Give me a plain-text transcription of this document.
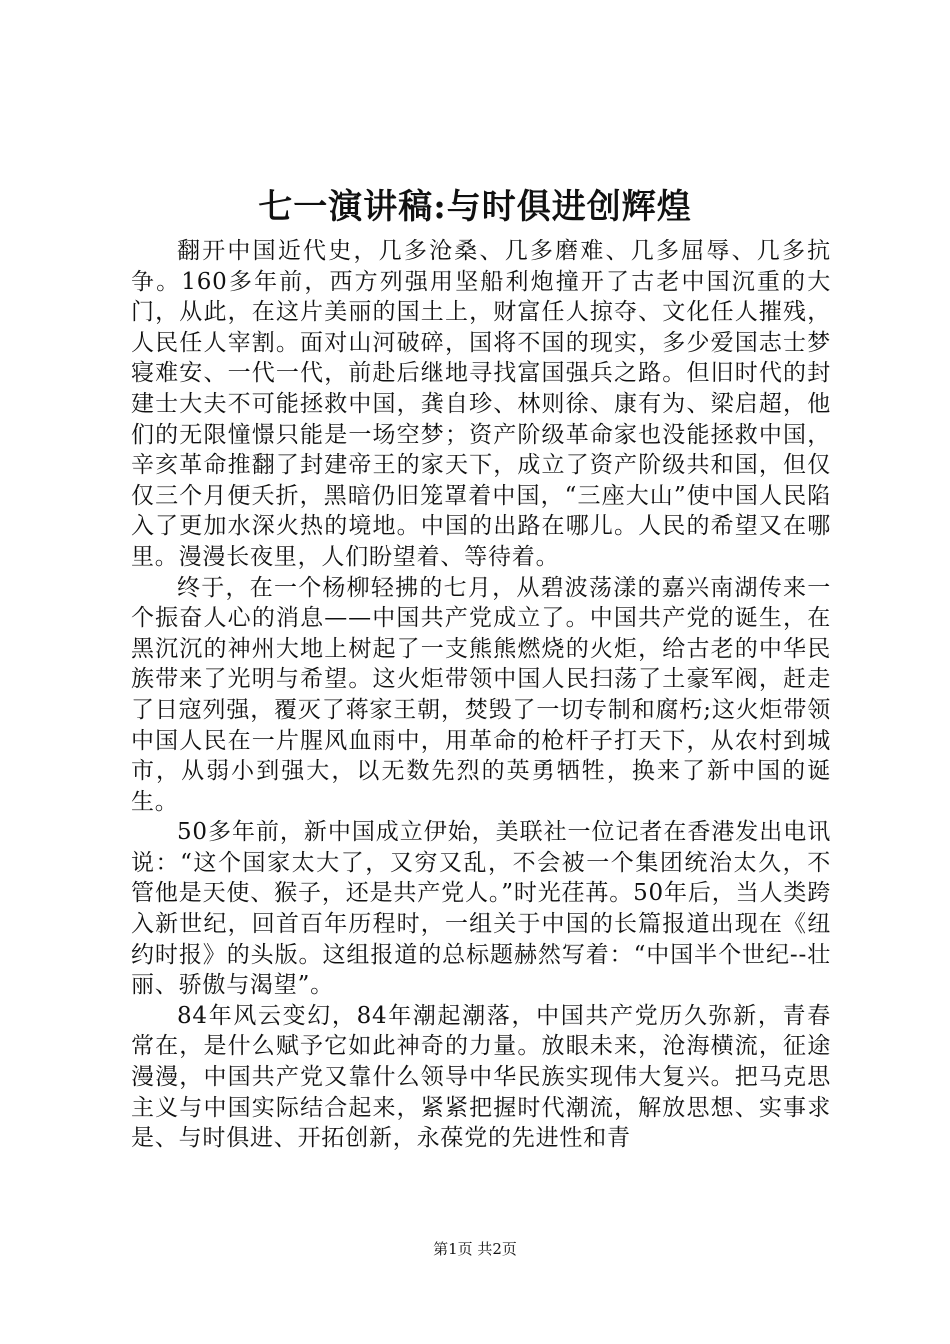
七一演讲稿:与时俱进创辉煌

翻开中国近代史，几多沧桑、几多磨难、几多屈辱、几多抗争。160多年前，西方列强用坚船利炮撞开了古老中国沉重的大门，从此，在这片美丽的国土上，财富任人掠夺、文化任人摧残，人民任人宰割。面对山河破碎，国将不国的现实，多少爱国志士梦寝难安、一代一代，前赴后继地寻找富国强兵之路。但旧时代的封建士大夫不可能拯救中国，龚自珍、林则徐、康有为、梁启超，他们的无限憧憬只能是一场空梦；资产阶级革命家也没能拯救中国，辛亥革命推翻了封建帝王的家天下，成立了资产阶级共和国，但仅仅三个月便夭折，黑暗仍旧笼罩着中国，“三座大山”使中国人民陷入了更加水深火热的境地。中国的出路在哪儿。人民的希望又在哪里。漫漫长夜里，人们盼望着、等待着。

终于，在一个杨柳轻拂的七月，从碧波荡漾的嘉兴南湖传来一个振奋人心的消息——中国共产党成立了。中国共产党的诞生，在黑沉沉的神州大地上树起了一支熊熊燃烧的火炬，给古老的中华民族带来了光明与希望。这火炬带领中国人民扫荡了土豪军阀，赶走了日寇列强，覆灭了蒋家王朝，焚毁了一切专制和腐朽;这火炬带领中国人民在一片腥风血雨中，用革命的枪杆子打天下，从农村到城市，从弱小到强大，以无数先烈的英勇牺牲，换来了新中国的诞生。

50多年前，新中国成立伊始，美联社一位记者在香港发出电讯说：“这个国家太大了，又穷又乱，不会被一个集团统治太久，不管他是天使、猴子，还是共产党人。”时光荏苒。50年后，当人类跨入新世纪，回首百年历程时，一组关于中国的长篇报道出现在《纽约时报》的头版。这组报道的总标题赫然写着：“中国半个世纪--壮丽、骄傲与渴望”。

84年风云变幻，84年潮起潮落，中国共产党历久弥新，青春常在，是什么赋予它如此神奇的力量。放眼未来，沧海横流，征途漫漫，中国共产党又靠什么领导中华民族实现伟大复兴。把马克思主义与中国实际结合起来，紧紧把握时代潮流，解放思想、实事求是、与时俱进、开拓创新，永葆党的先进性和青

第1页 共2页
